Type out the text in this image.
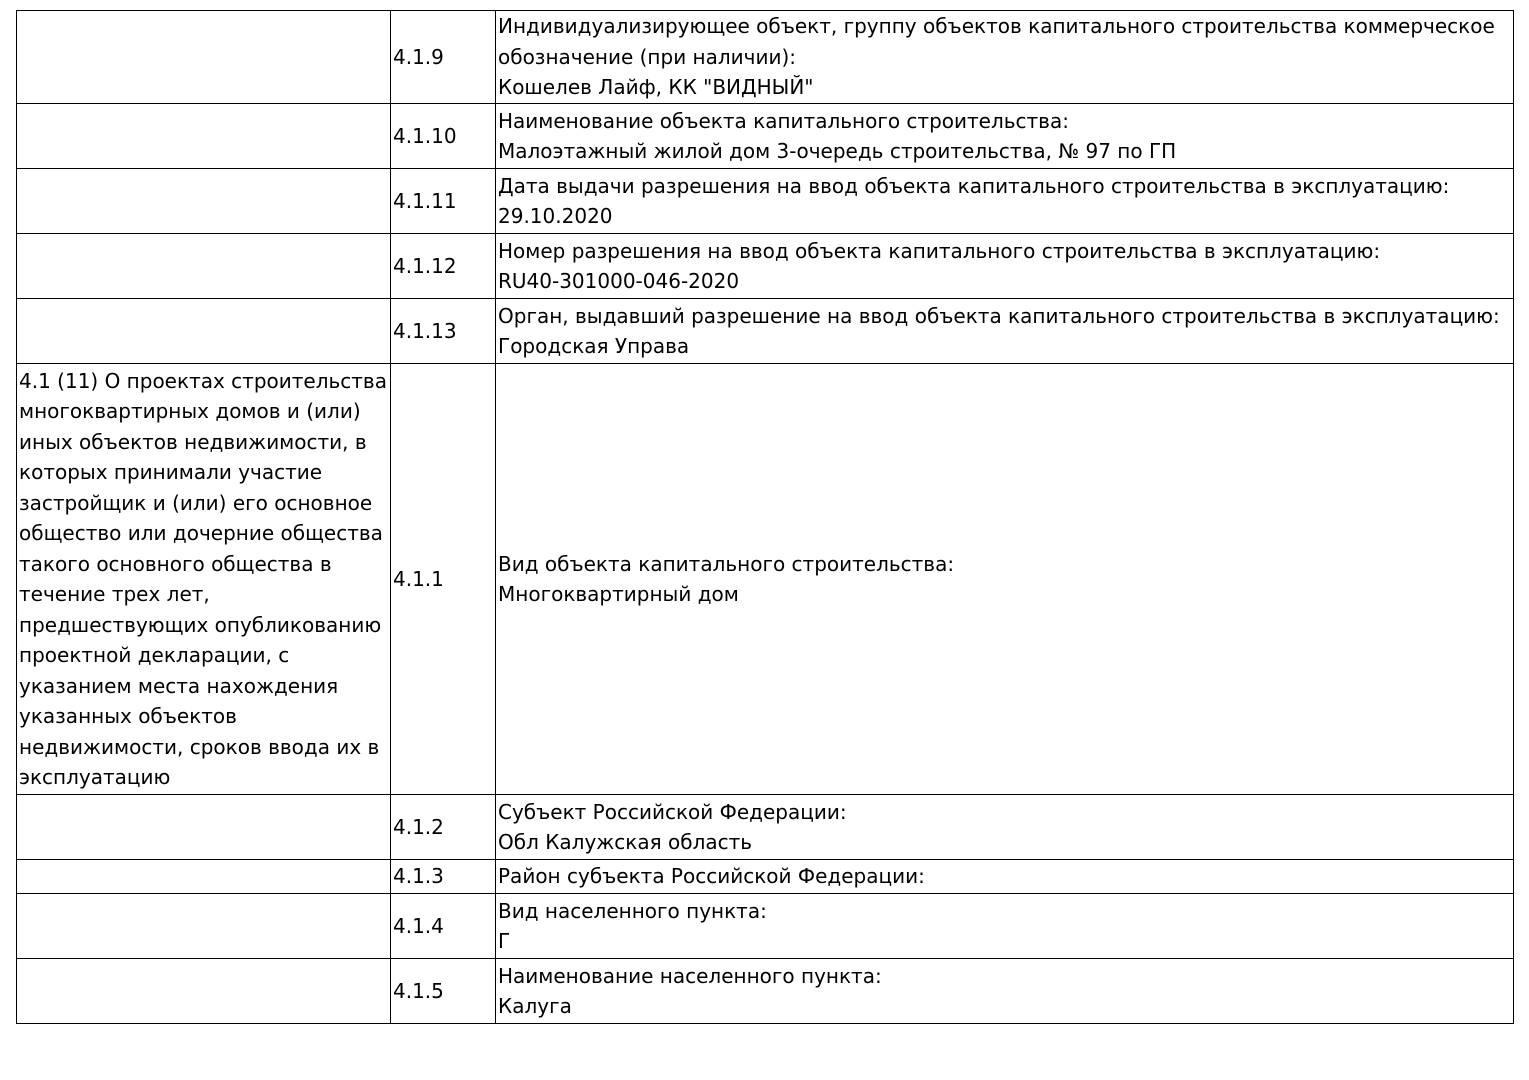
	4.1.9	Индивидуализирующее объект, группу объектов капитального строительства коммерческое
обозначение (при наличии):
Кошелев Лайф, КК "ВИДНЫЙ"

	4.1.10	Наименование объекта капитального строительства:
Малоэтажный жилой дом 3-очередь строительства, № 97 по ГП

	4.1.11	Дата выдачи разрешения на ввод объекта капитального строительства в эксплуатацию:
29.10.2020

	4.1.12	Номер разрешения на ввод объекта капитального строительства в эксплуатацию:
RU40-301000-046-2020

	4.1.13	Орган, выдавший разрешение на ввод объекта капитального строительства в эксплуатацию:
Городская Управа

4.1 (11) О проектах строительства многоквартирных домов и (или) иных объектов недвижимости, в которых принимали участие застройщик и (или) его основное общество или дочерние общества такого основного общества в течение трех лет, предшествующих опубликованию проектной декларации, с указанием места нахождения указанных объектов недвижимости, сроков ввода их в эксплуатацию	4.1.1	Вид объекта капитального строительства:
Многоквартирный дом

	4.1.2	Субъект Российской Федерации:
Обл Калужская область

	4.1.3	Район субъекта Российской Федерации:

	4.1.4	Вид населенного пункта:
Г

	4.1.5	Наименование населенного пункта:
Калуга
